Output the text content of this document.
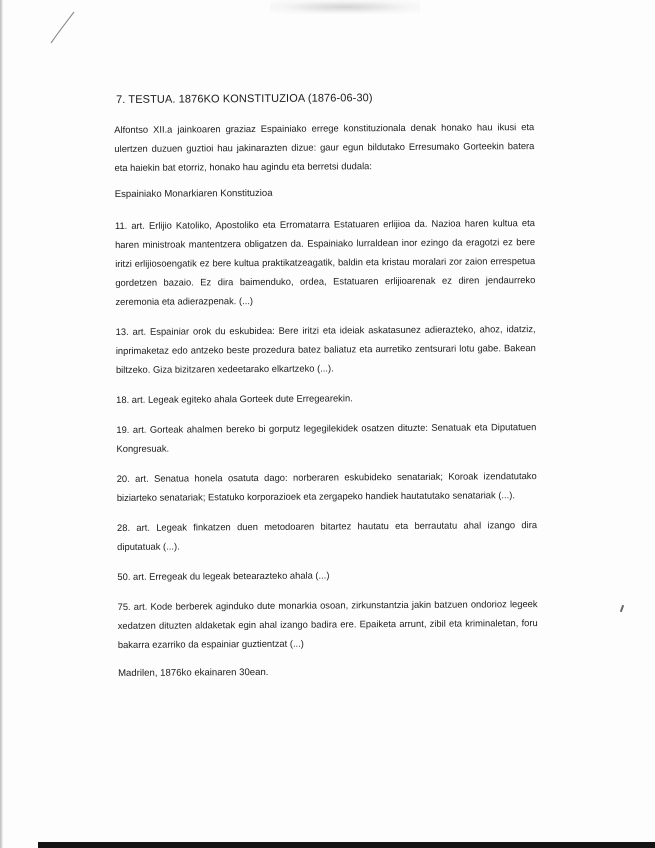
7. TESTUA. 1876KO KONSTITUZIOA (1876-06-30)

Alfontso XII.a jainkoaren graziaz Espainiako errege konstituzionala denak honako hau ikusi eta ulertzen duzuen guztioi hau jakinarazten dizue: gaur egun bildutako Erresumako Gorteekin batera eta haiekin bat etorriz, honako hau agindu eta berretsi dudala:

Espainiako Monarkiaren Konstituzioa

11. art. Erlijio Katoliko, Apostoliko eta Erromatarra Estatuaren erlijioa da. Nazioa haren kultua eta haren ministroak mantentzera obligatzen da. Espainiako lurraldean inor ezingo da eragotzi ez bere iritzi erlijiosoengatik ez bere kultua praktikatzeagatik, baldin eta kristau moralari zor zaion errespetua gordetzen bazaio. Ez dira baimenduko, ordea, Estatuaren erlijioarenak ez diren jendaurreko zeremonia eta adierazpenak. (...)

13. art. Espainiar orok du eskubidea: Bere iritzi eta ideiak askatasunez adierazteko, ahoz, idatziz, inprimaketaz edo antzeko beste prozedura batez baliatuz eta aurretiko zentsurari lotu gabe. Bakean biltzeko. Giza bizitzaren xedeetarako elkartzeko (...).

18. art. Legeak egiteko ahala Gorteek dute Erregearekin.

19. art. Gorteak ahalmen bereko bi gorputz legegilekidek osatzen dituzte: Senatuak eta Diputatuen Kongresuak.

20. art. Senatua honela osatuta dago: norberaren eskubideko senatariak; Koroak izendatutako biziarteko senatariak; Estatuko korporazioek eta zergapeko handiek hautatutako senatariak (...).

28. art. Legeak finkatzen duen metodoaren bitartez hautatu eta berrautatu ahal izango dira diputatuak (...).

50. art. Erregeak du legeak betearazteko ahala (...)

75. art. Kode berberek aginduko dute monarkia osoan, zirkunstantzia jakin batzuen ondorioz legeek xedatzen dituzten aldaketak egin ahal izango badira ere. Epaiketa arrunt, zibil eta kriminaletan, foru bakarra ezarriko da espainiar guztientzat (...)

Madrilen, 1876ko ekainaren 30ean.
